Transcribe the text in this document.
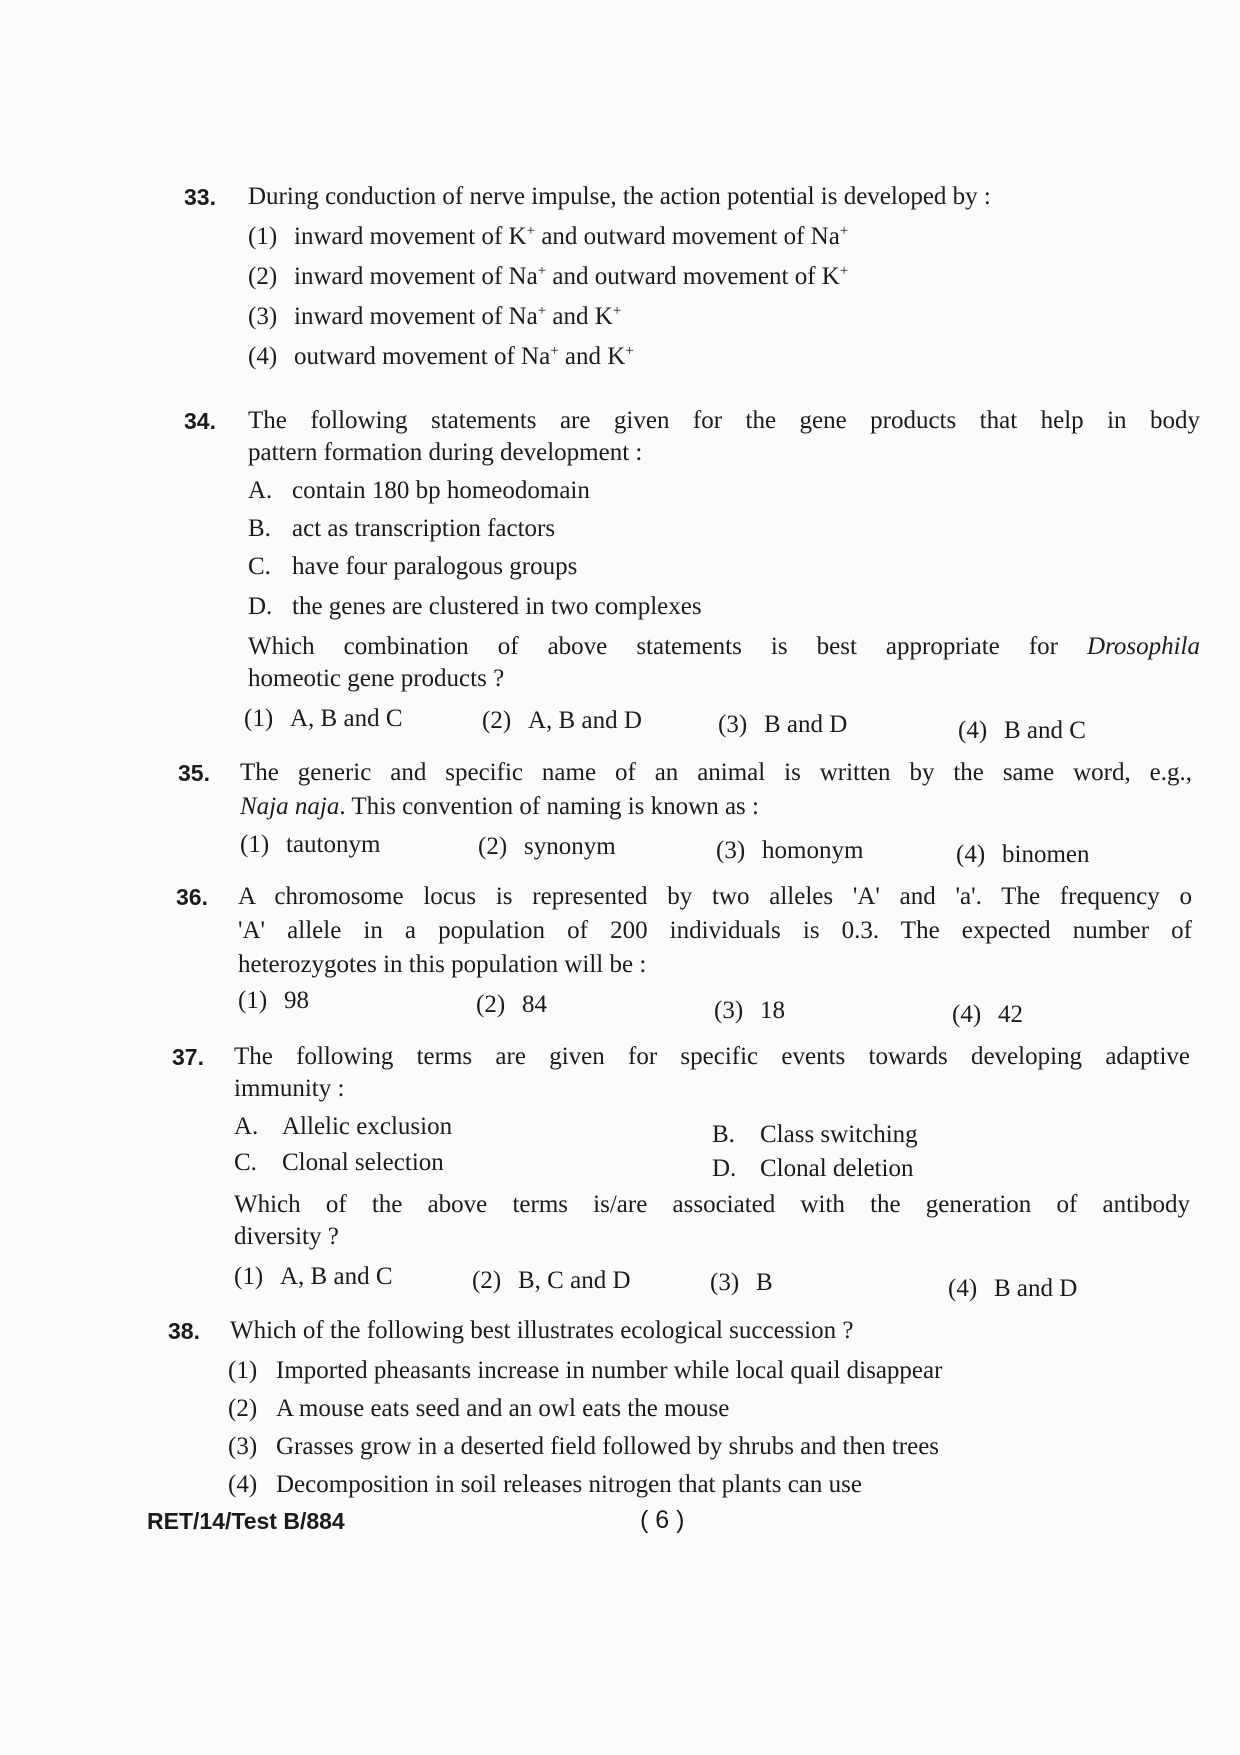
33. During conduction of nerve impulse, the action potential is developed by :
(1) inward movement of K+ and outward movement of Na+
(2) inward movement of Na+ and outward movement of K+
(3) inward movement of Na+ and K+
(4) outward movement of Na+ and K+
34. The following statements are given for the gene products that help in body
pattern formation during development :
A. contain 180 bp homeodomain
B. act as transcription factors
C. have four paralogous groups
D. the genes are clustered in two complexes
Which combination of above statements is best appropriate for Drosophila
homeotic gene products ?
(1) A, B and C	(2) A, B and D	(3) B and D	(4) B and C
35. The generic and specific name of an animal is written by the same word, e.g.,
Naja naja. This convention of naming is known as :
(1) tautonym	(2) synonym	(3) homonym	(4) binomen
36. A chromosome locus is represented by two alleles 'A' and 'a'. The frequency o
'A' allele in a population of 200 individuals is 0.3. The expected number of
heterozygotes in this population will be :
(1) 98	(2) 84	(3) 18	(4) 42
37. The following terms are given for specific events towards developing adaptive
immunity :
A. Allelic exclusion	B. Class switching
C. Clonal selection	D. Clonal deletion
Which of the above terms is/are associated with the generation of antibody
diversity ?
(1) A, B and C	(2) B, C and D	(3) B	(4) B and D
38. Which of the following best illustrates ecological succession ?
(1) Imported pheasants increase in number while local quail disappear
(2) A mouse eats seed and an owl eats the mouse
(3) Grasses grow in a deserted field followed by shrubs and then trees
(4) Decomposition in soil releases nitrogen that plants can use
RET/14/Test B/884	( 6 )
